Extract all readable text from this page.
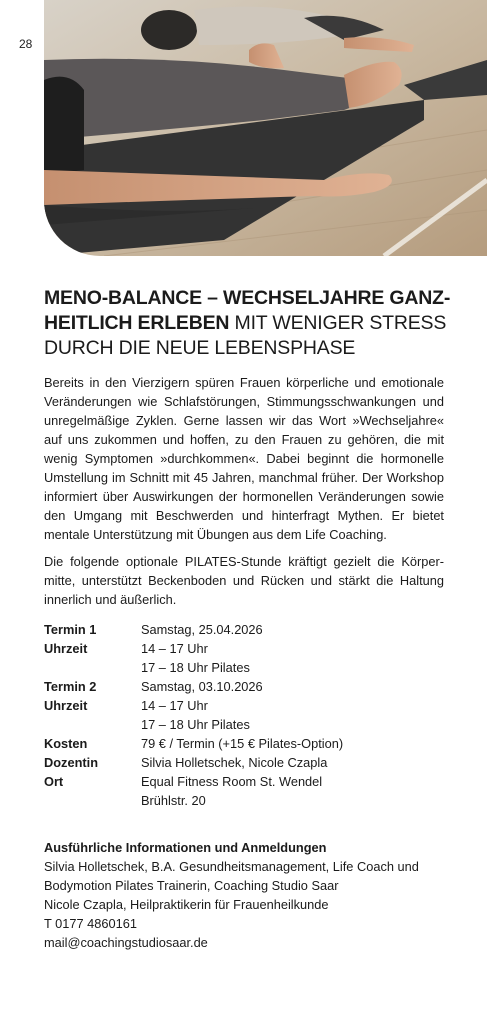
28
MENO-BALANCE – WECHSELJAHRE GANZHEITLICH ERLEBEN MIT WENIGER STRESS DURCH DIE NEUE LEBENSPHASE

Bereits in den Vierzigern spüren Frauen körperliche und emotionale Veränderungen wie Schlafstörungen, Stimmungsschwankungen und unregelmäßige Zyklen. Gerne lassen wir das Wort »Wechseljahre« auf uns zukommen und hoffen, zu den Frauen zu gehören, die mit wenig Symptomen »durchkommen«. Dabei beginnt die hormonelle Umstellung im Schnitt mit 45 Jahren, manchmal früher. Der Workshop informiert über Auswirkungen der hormonellen Veränderungen sowie den Umgang mit Beschwerden und hinterfragt Mythen. Er bietet mentale Unterstützung mit Übungen aus dem Life Coaching.

Die folgende optionale PILATES-Stunde kräftigt gezielt die Körpermitte, unterstützt Beckenboden und Rücken und stärkt die Haltung innerlich und äußerlich.

Termin 1	Samstag, 25.04.2026
Uhrzeit	14 – 17 Uhr
17 – 18 Uhr Pilates
Termin 2	Samstag, 03.10.2026
Uhrzeit	14 – 17 Uhr
17 – 18 Uhr Pilates
Kosten	79 € / Termin (+15 € Pilates-Option)
Dozentin	Silvia Holletschek, Nicole Czapla
Ort	Equal Fitness Room St. Wendel
Brühlstr. 20
Ausführliche Informationen und Anmeldungen
Silvia Holletschek, B.A. Gesundheitsmanagement, Life Coach und
Bodymotion Pilates Trainerin, Coaching Studio Saar
Nicole Czapla, Heilpraktikerin für Frauenheilkunde
T 0177 4860161
mail@coachingstudiosaar.de
